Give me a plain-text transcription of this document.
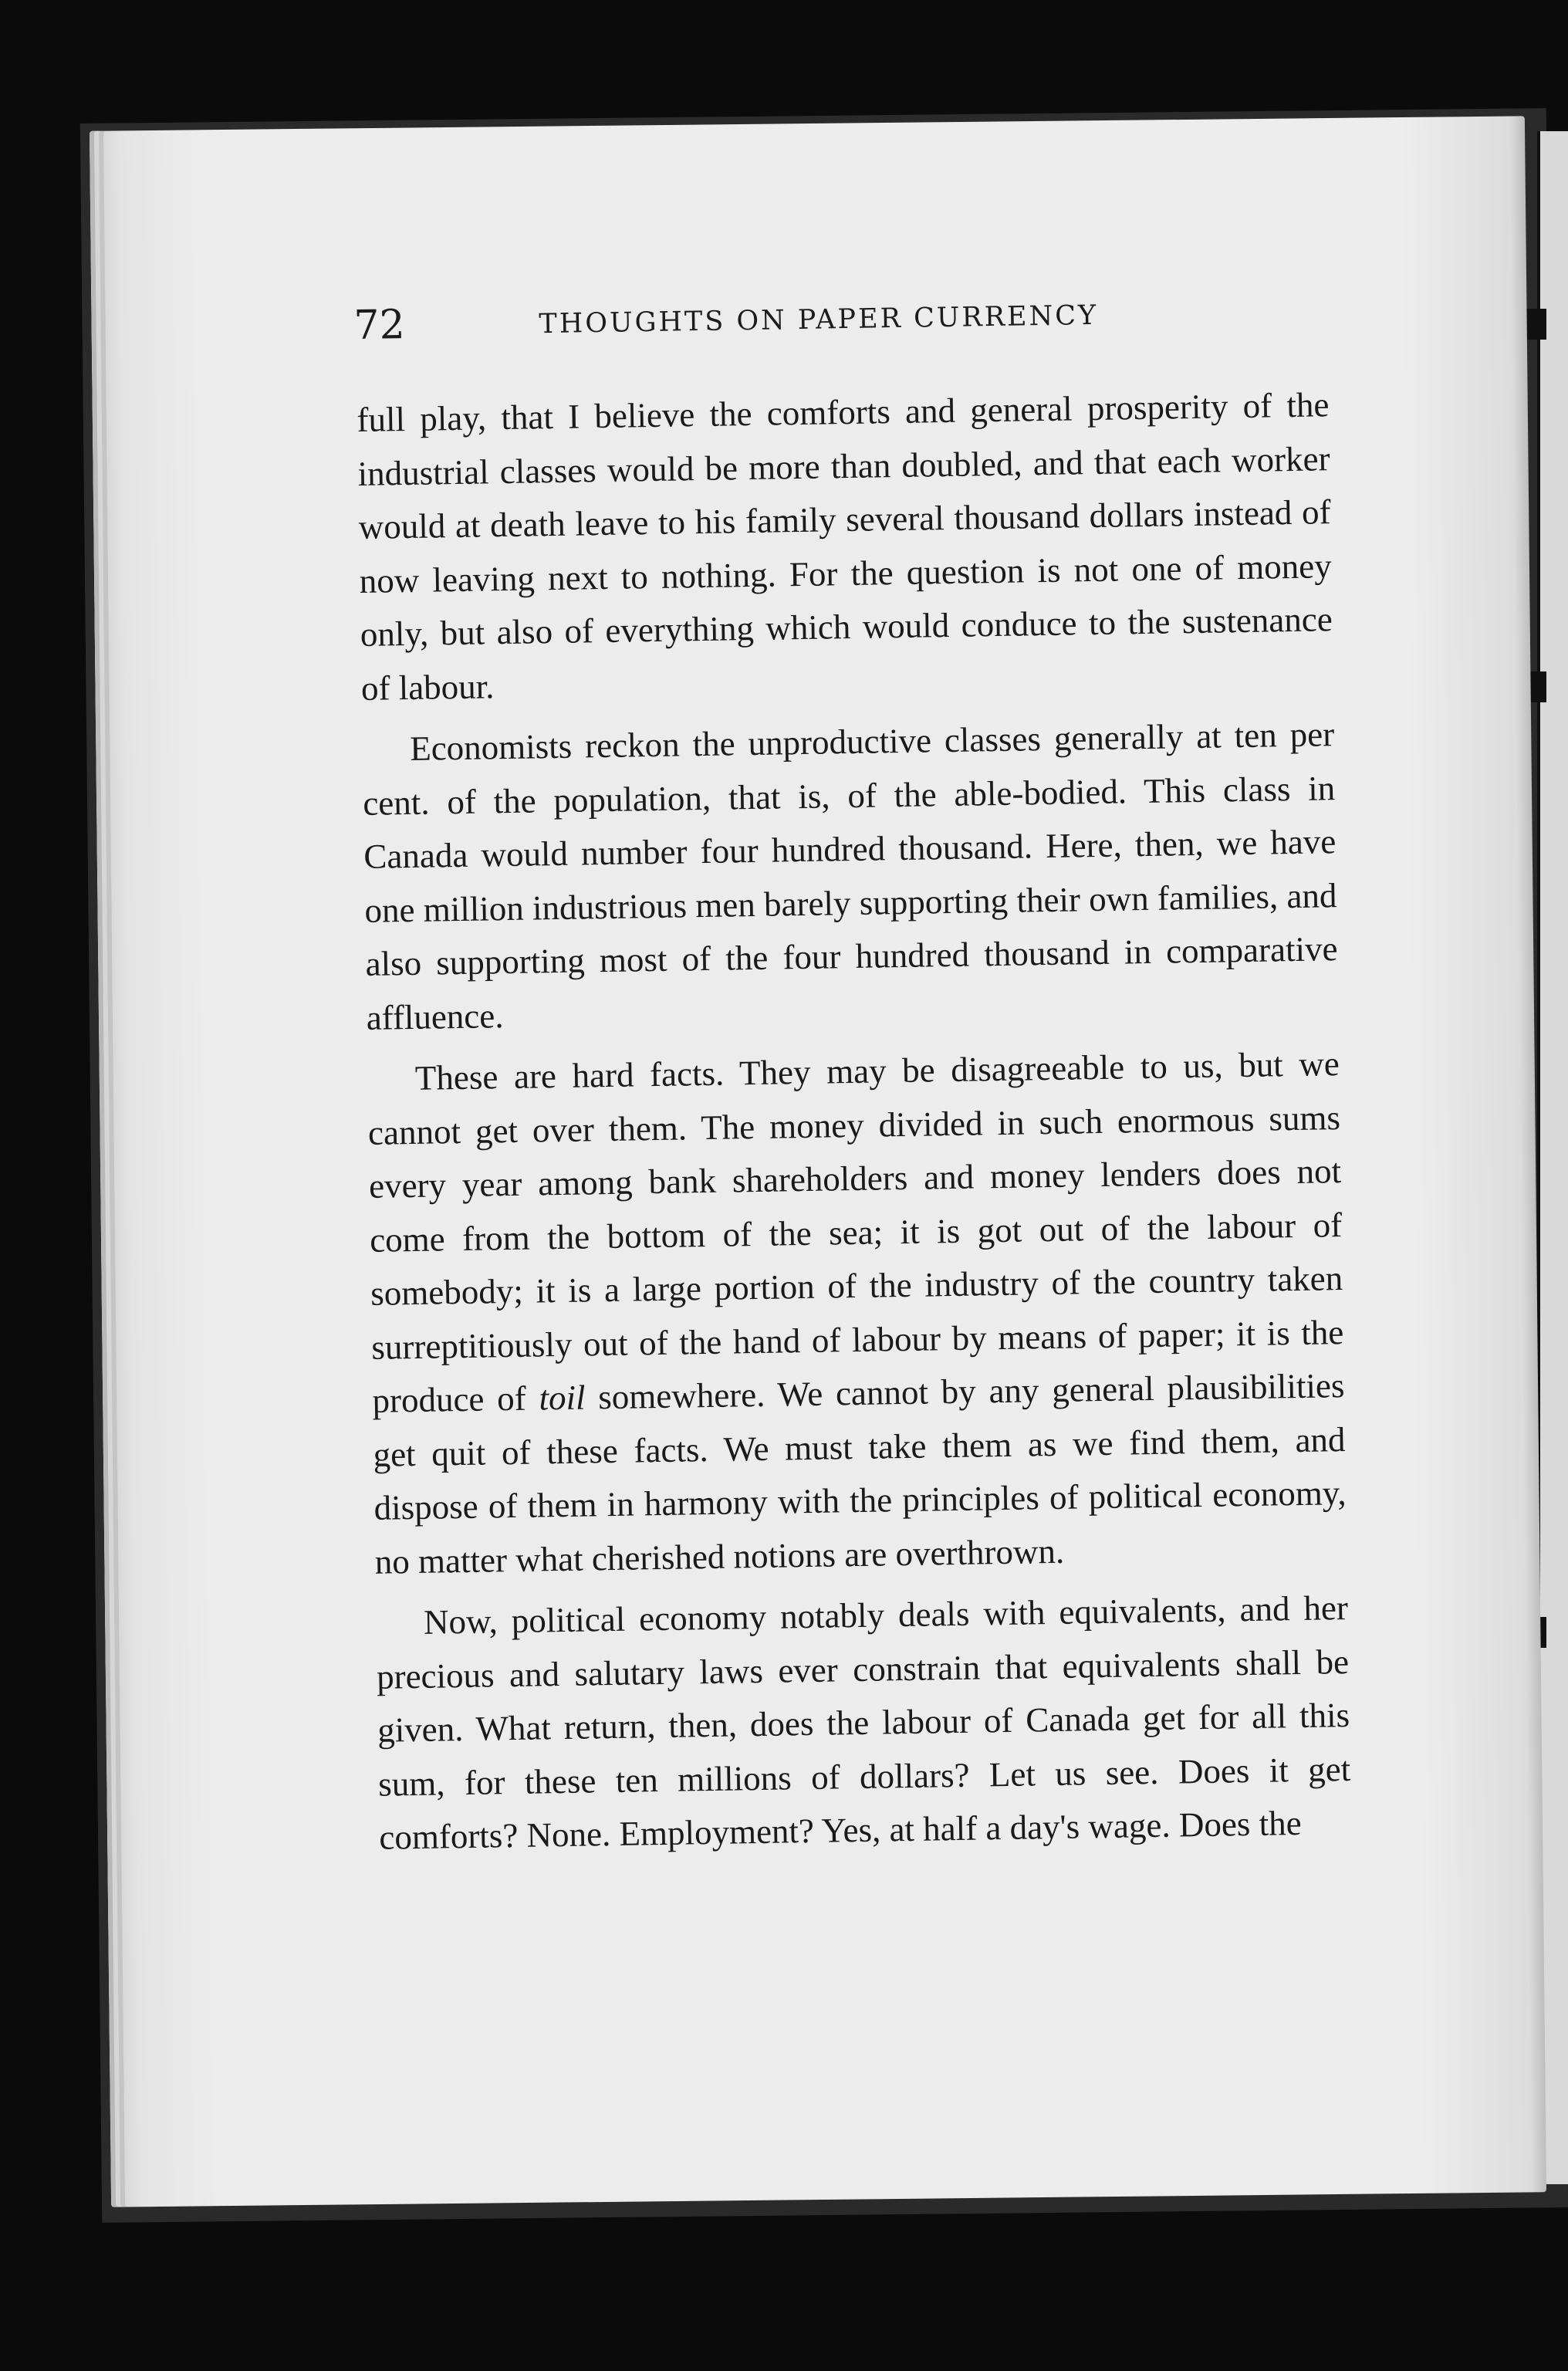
72	THOUGHTS ON PAPER CURRENCY

full play, that I believe the comforts and general prosperity of the industrial classes would be more than doubled, and that each worker would at death leave to his family several thousand dollars instead of now leaving next to nothing. For the question is not one of money only, but also of everything which would conduce to the sustenance of labour.

Economists reckon the unproductive classes generally at ten per cent. of the population, that is, of the able-bodied. This class in Canada would number four hundred thousand. Here, then, we have one million industrious men barely supporting their own families, and also supporting most of the four hundred thousand in comparative affluence.

These are hard facts. They may be disagreeable to us, but we cannot get over them. The money divided in such enormous sums every year among bank shareholders and money lenders does not come from the bottom of the sea; it is got out of the labour of somebody; it is a large portion of the industry of the country taken surreptitiously out of the hand of labour by means of paper; it is the produce of toil somewhere. We cannot by any general plausibilities get quit of these facts. We must take them as we find them, and dispose of them in harmony with the principles of political economy, no matter what cherished notions are overthrown.

Now, political economy notably deals with equivalents, and her precious and salutary laws ever constrain that equivalents shall be given. What return, then, does the labour of Canada get for all this sum, for these ten millions of dollars? Let us see. Does it get comforts? None. Employment? Yes, at half a day's wage. Does the
